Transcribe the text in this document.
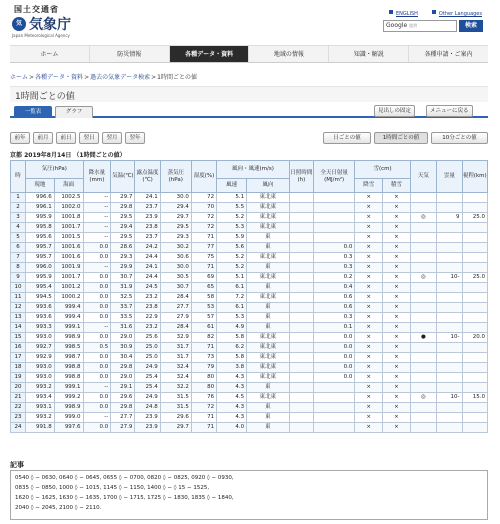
国土交通省
気 気象庁
Japan Meteorological Agency
ENGLISH	Other Languages
Google 提供	検索
ホーム	防災情報	各種データ・資料	地域の情報	知識・解説	各種申請・ご案内
ホーム>各種データ・資料>過去の気象データ検索>1時間ごとの値
1時間ごとの値
一覧表	グラフ	見出しの固定	メニューに戻る
前年	前月	前日	翌日	翌月	翌年	日ごとの値	1時間ごとの値	10分ごとの値
京都 2019年8月14日 （1時間ごとの値）
時	気圧(hPa)		降水量(mm)	気温(℃)	露点温度(℃)	蒸気圧(hPa)	湿度(%)	風向・風速(m/s)		日照時間(h)	全天日射量(MJ/m²)	雪(cm)		天気	雲量	視程(km)
	現地	海面						風速	風向			降雪	積雪			
1	996.6	1002.5	--	29.7	24.1	30.0	72	5.1	東北東			×	×			
2	996.1	1002.0	--	29.8	23.7	29.4	70	5.5	東北東			×	×			
3	995.9	1001.8	--	29.5	23.9	29.7	72	5.2	東北東			×	×	◎	9	25.0
4	995.8	1001.7	--	29.4	23.8	29.5	72	5.3	東北東			×	×			
5	995.6	1001.5	--	29.5	23.7	29.3	71	5.9	東			×	×			
6	995.7	1001.6	0.0	28.6	24.2	30.2	77	5.6	東		0.0	×	×			
7	995.7	1001.6	0.0	29.3	24.4	30.6	75	5.2	東北東		0.3	×	×			
8	996.0	1001.9	--	29.9	24.1	30.0	71	5.2	東		0.3	×	×			
9	995.9	1001.7	0.0	30.7	24.4	30.5	69	5.1	東北東		0.2	×	×	◎	10-	25.0
10	995.4	1001.2	0.0	31.9	24.5	30.7	65	6.1	東		0.4	×	×			
11	994.5	1000.2	0.0	32.5	23.2	28.4	58	7.2	東北東		0.6	×	×			
12	993.6	999.4	0.0	33.7	23.8	27.7	53	6.1	東		0.6	×	×			
13	993.6	999.4	0.0	33.5	22.9	27.9	57	5.3	東		0.3	×	×			
14	993.3	999.1	--	31.6	23.2	28.4	61	4.9	東		0.1	×	×			
15	993.0	998.9	0.0	29.0	25.6	32.9	82	5.8	東北東		0.0	×	×	●	10-	20.0
16	992.7	998.5	0.5	30.9	25.0	31.7	71	6.2	東北東		0.0	×	×			
17	992.9	998.7	0.0	30.4	25.0	31.7	73	5.8	東北東		0.0	×	×			
18	993.0	998.8	0.0	29.8	24.9	32.4	79	3.8	東北東		0.0	×	×			
19	993.0	998.8	0.0	29.0	25.4	32.4	80	4.3	東北東		0.0	×	×			
20	993.2	999.1	--	29.1	25.4	32.2	80	4.3	東			×	×			
21	993.4	999.2	0.0	29.6	24.9	31.5	76	4.5	東北東			×	×	◎	10-	15.0
22	993.1	998.9	0.0	29.8	24.8	31.5	72	4.3	東			×	×			
23	993.2	999.0	--	27.7	23.9	29.6	71	4.3	東			×	×			
24	991.8	997.6	0.0	27.9	23.9	29.7	71	4.0	東			×	×			
記事
0540 ◊ − 0630, 0640 ◊ − 0645, 0655 ◊ − 0700, 0820 ◊ − 0825, 0920 ◊ − 0930,
0835 ◊ − 0850, 1000 ◊ − 1015, 1145 ◊ − 1150, 1400 ◊ − ◊ 15 − 1525,
1620 ◊ − 1625, 1630 ◊ − 1635, 1700 ◊ − 1715, 1725 ◊ − 1830, 1835 ◊ − 1840,
2040 ◊ − 2045, 2100 ◊ − 2110.
